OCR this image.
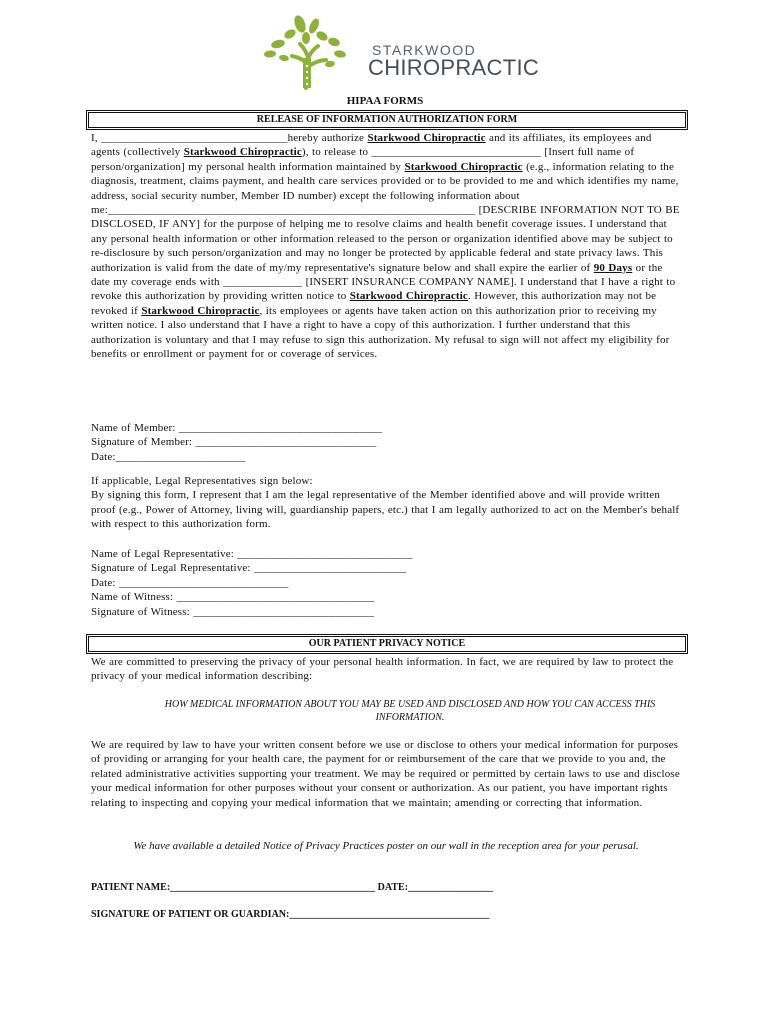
STARKWOOD
CHIROPRACTIC
HIPAA FORMS
RELEASE OF INFORMATION AUTHORIZATION FORM

I, _________________________________hereby authorize Starkwood Chiropractic and its affiliates, its employees and agents (collectively Starkwood Chiropractic), to release to ______________________________ [Insert full name of person/organization] my personal health information maintained by Starkwood Chiropractic (e.g., information relating to the diagnosis, treatment, claims payment, and health care services provided or to be provided to me and which identifies my name, address, social security number, Member ID number) except the following information about me:_________________________________________________________________ [DESCRIBE INFORMATION NOT TO BE DISCLOSED, IF ANY] for the purpose of helping me to resolve claims and health benefit coverage issues. I understand that any personal health information or other information released to the person or organization identified above may be subject to re-disclosure by such person/organization and may no longer be protected by applicable federal and state privacy laws. This authorization is valid from the date of my/my representative's signature below and shall expire the earlier of 90 Days or the date my coverage ends with ______________ [INSERT INSURANCE COMPANY NAME]. I understand that I have a right to revoke this authorization by providing written notice to Starkwood Chiropractic. However, this authorization may not be revoked if Starkwood Chiropractic, its employees or agents have taken action on this authorization prior to receiving my written notice. I also understand that I have a right to have a copy of this authorization. I further understand that this authorization is voluntary and that I may refuse to sign this authorization. My refusal to sign will not affect my eligibility for benefits or enrollment or payment for or coverage of services.

Name of Member: ____________________________________
Signature of Member: ________________________________
Date:_______________________

If applicable, Legal Representatives sign below:

By signing this form, I represent that I am the legal representative of the Member identified above and will provide written proof (e.g., Power of Attorney, living will, guardianship papers, etc.) that I am legally authorized to act on the Member's behalf with respect to this authorization form.

Name of Legal Representative: _______________________________
Signature of Legal Representative: ___________________________
Date: ______________________________
Name of Witness: ___________________________________
Signature of Witness: ________________________________
OUR PATIENT PRIVACY NOTICE
We are committed to preserving the privacy of your personal health information. In fact, we are required by law to protect the privacy of your medical information describing:
HOW MEDICAL INFORMATION ABOUT YOU MAY BE USED AND DISCLOSED AND HOW YOU CAN ACCESS THIS INFORMATION.
We are required by law to have your written consent before we use or disclose to others your medical information for purposes of providing or arranging for your health care, the payment for or reimbursement of the care that we provide to you and, the related administrative activities supporting your treatment. We may be required or permitted by certain laws to use and disclose your medical information for other purposes without your consent or authorization. As our patient, you have important rights relating to inspecting and copying your medical information that we maintain; amending or correcting that information.
We have available a detailed Notice of Privacy Practices poster on our wall in the reception area for your perusal.
PATIENT NAME:_________________________________________ DATE:_________________
SIGNATURE OF PATIENT OR GUARDIAN:________________________________________
